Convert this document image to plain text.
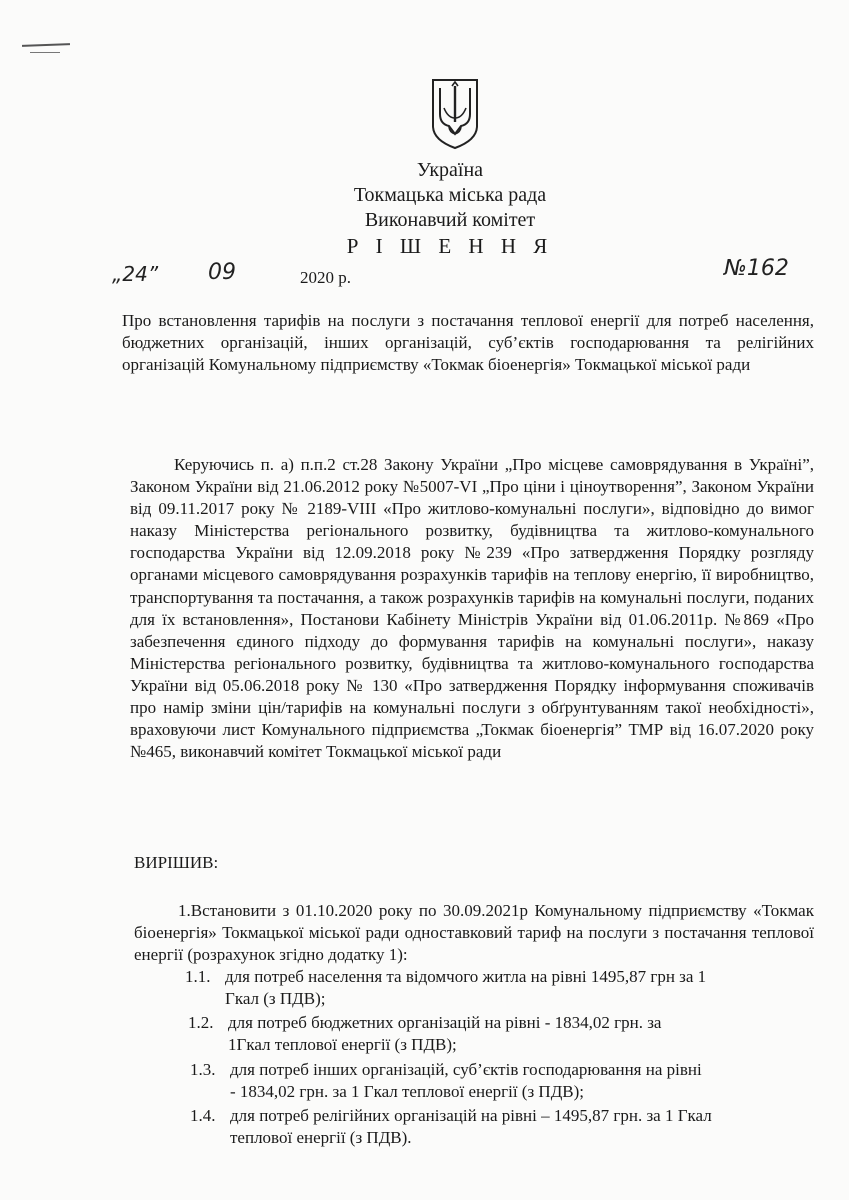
Україна
Токмацька міська рада
Виконавчий комітет
Р І Ш Е Н Н Я
„24” 09	2020 р.	№162
Про встановлення тарифів на послуги з постачання теплової енергії для потреб населення, бюджетних організацій, інших організацій, суб’єктів господарювання та релігійних організацій Комунальному підприємству «Токмак біоенергія» Токмацької міської ради
Керуючись п. а) п.п.2 ст.28 Закону України „Про місцеве самоврядування в Україні”, Законом України від 21.06.2012 року №5007-VI „Про ціни і ціноутворення”, Законом України від 09.11.2017 року № 2189-VIII «Про житлово-комунальні послуги», відповідно до вимог наказу Міністерства регіонального розвитку, будівництва та житлово-комунального господарства України від 12.09.2018 року №239 «Про затвердження Порядку розгляду органами місцевого самоврядування розрахунків тарифів на теплову енергію, її виробництво, транспортування та постачання, а також розрахунків тарифів на комунальні послуги, поданих для їх встановлення», Постанови Кабінету Міністрів України від 01.06.2011р. №869 «Про забезпечення єдиного підходу до формування тарифів на комунальні послуги», наказу Міністерства регіонального розвитку, будівництва та житлово-комунального господарства України від 05.06.2018 року № 130 «Про затвердження Порядку інформування споживачів про намір зміни цін/тарифів на комунальні послуги з обґрунтуванням такої необхідності», враховуючи лист Комунального підприємства „Токмак біоенергія” ТМР від 16.07.2020 року №465, виконавчий комітет Токмацької міської ради
ВИРІШИВ:
1.Встановити з 01.10.2020 року по 30.09.2021р Комунальному підприємству «Токмак біоенергія» Токмацької міської ради одноставковий тариф на послуги з постачання теплової енергії (розрахунок згідно додатку 1):
1.1. для потреб населення та відомчого житла на рівні 1495,87 грн за 1
Гкал (з ПДВ);
1.2. для потреб бюджетних організацій на рівні - 1834,02 грн. за
1Гкал теплової енергії (з ПДВ);
1.3. для потреб інших організацій, суб’єктів господарювання на рівні
- 1834,02 грн. за 1 Гкал теплової енергії (з ПДВ);
1.4. для потреб релігійних організацій на рівні – 1495,87 грн. за 1 Гкал
теплової енергії (з ПДВ).
